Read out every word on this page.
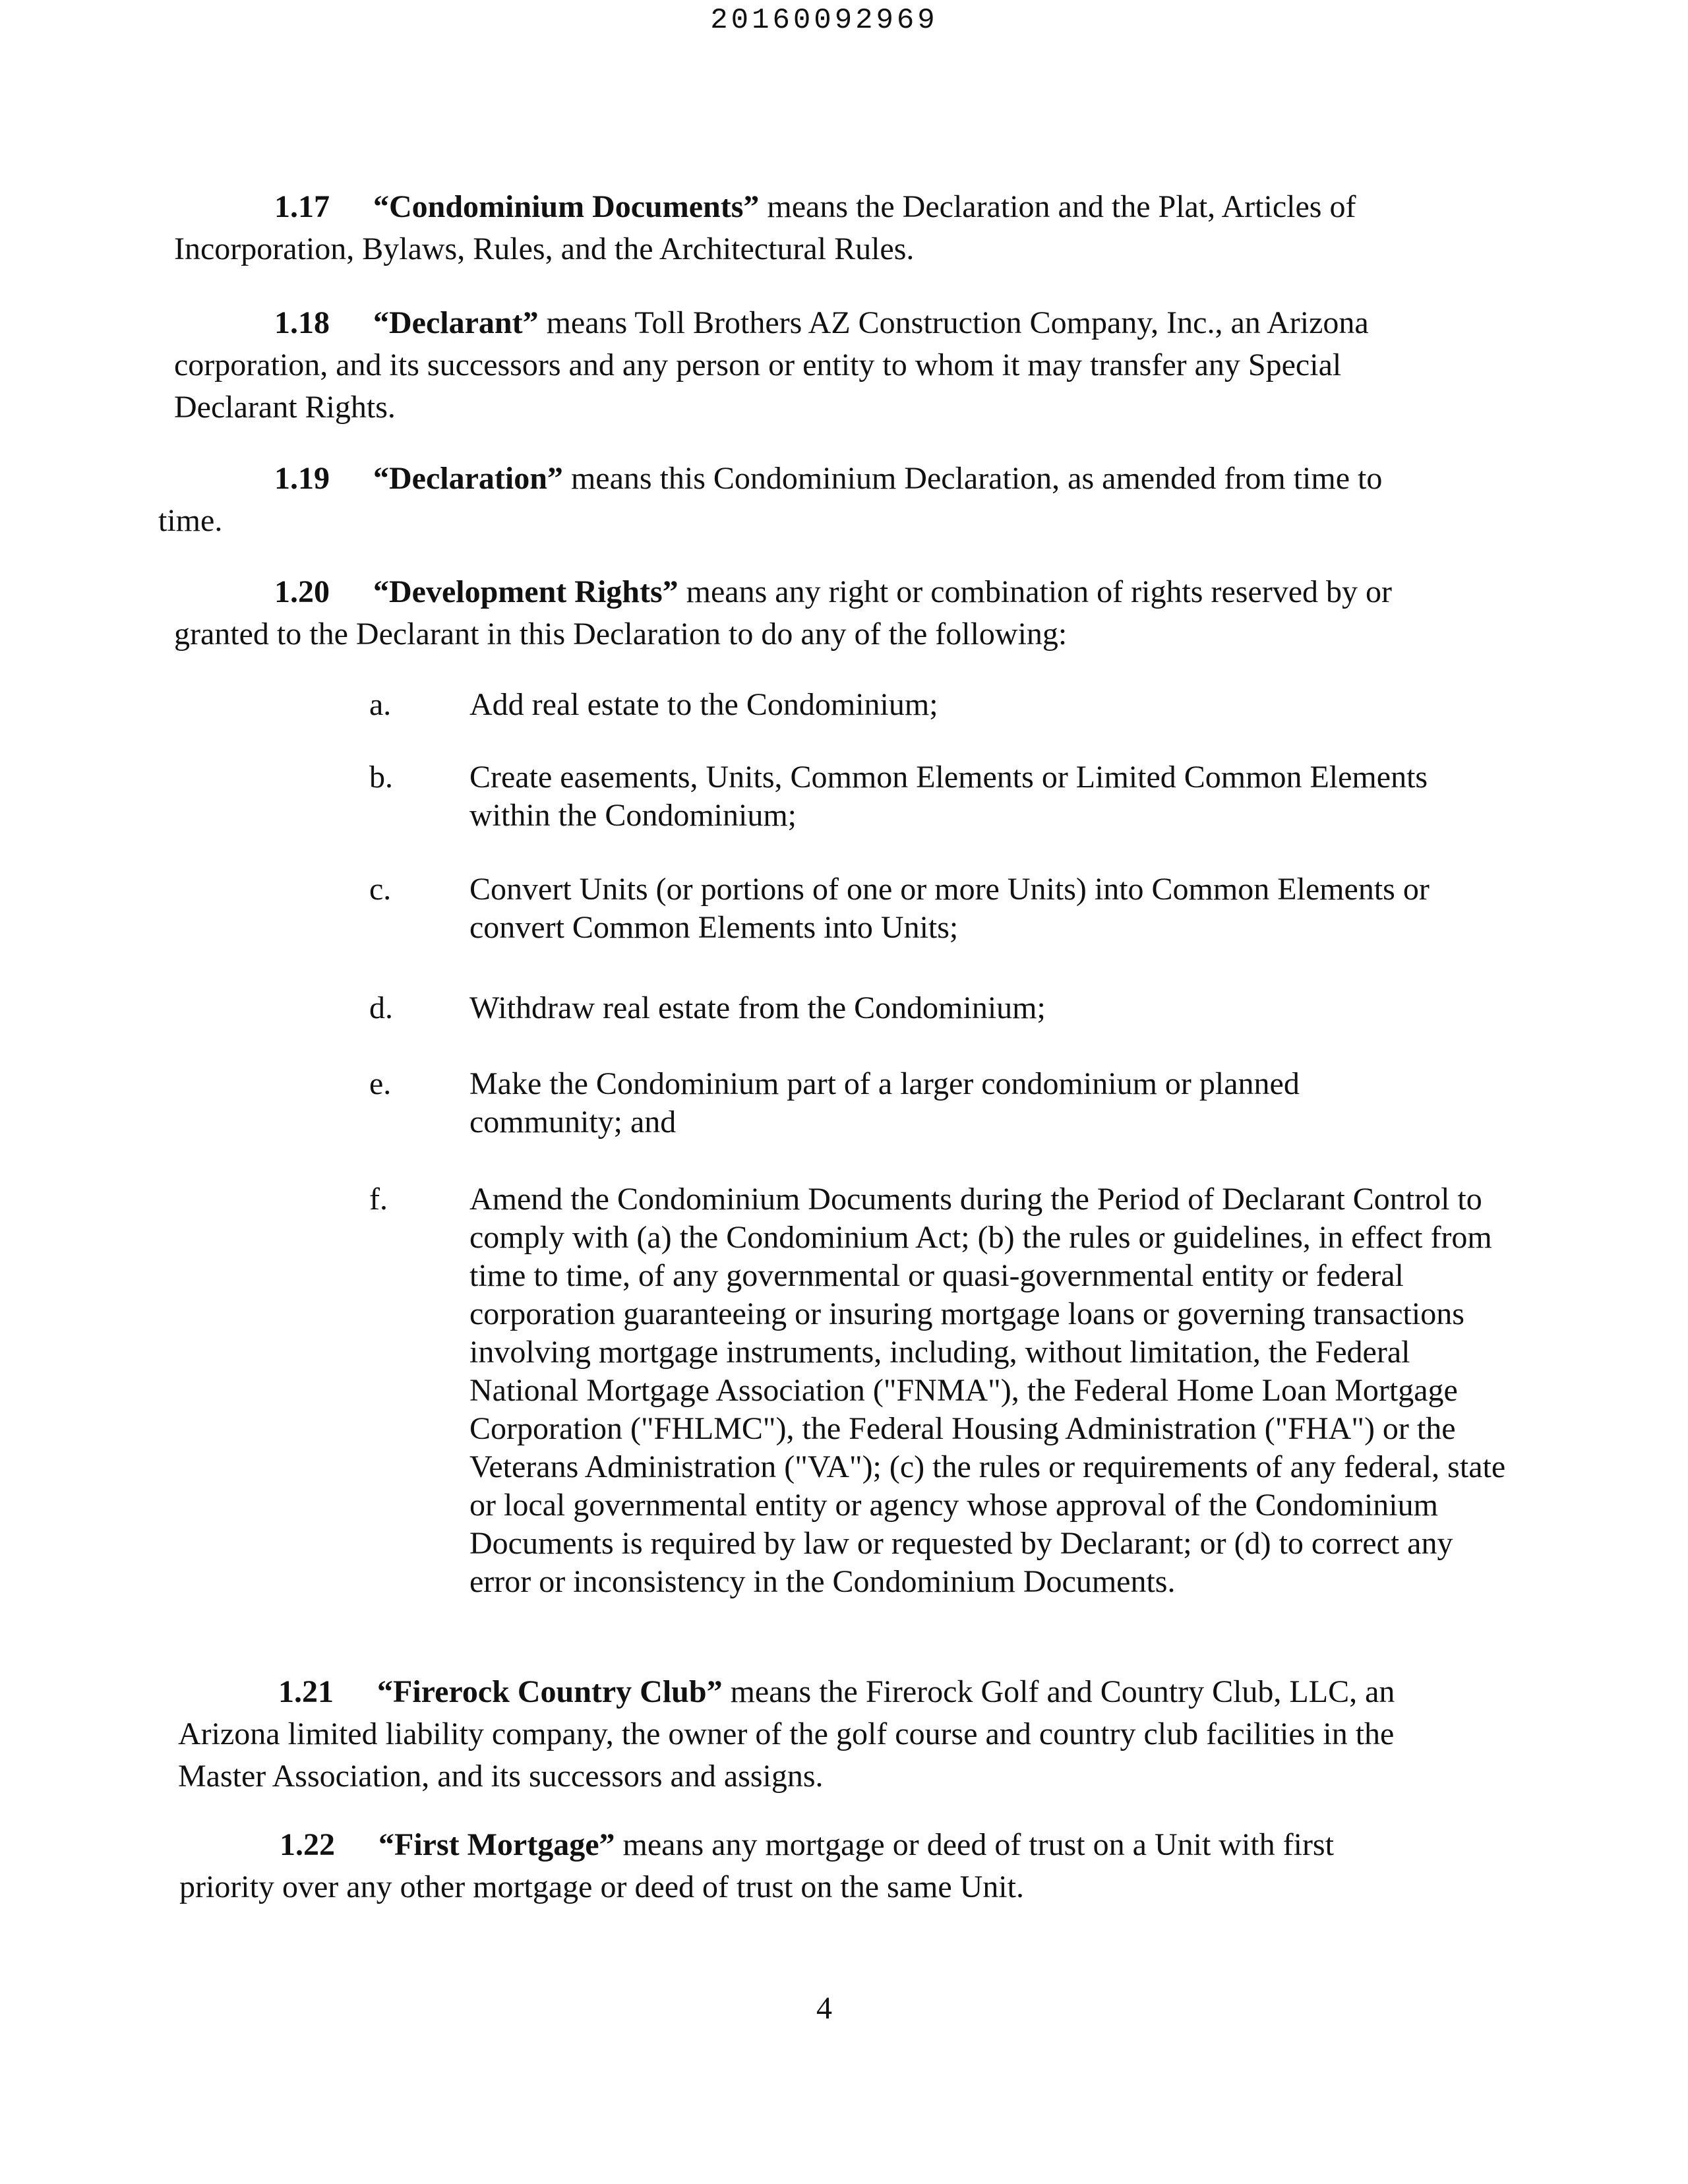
20160092969

1.17 “Condominium Documents” means the Declaration and the Plat, Articles of Incorporation, Bylaws, Rules, and the Architectural Rules.

1.18 “Declarant” means Toll Brothers AZ Construction Company, Inc., an Arizona corporation, and its successors and any person or entity to whom it may transfer any Special Declarant Rights.

1.19 “Declaration” means this Condominium Declaration, as amended from time to time.

1.20 “Development Rights” means any right or combination of rights reserved by or granted to the Declarant in this Declaration to do any of the following:

a. Add real estate to the Condominium;
b. Create easements, Units, Common Elements or Limited Common Elements within the Condominium;
c. Convert Units (or portions of one or more Units) into Common Elements or convert Common Elements into Units;
d. Withdraw real estate from the Condominium;
e. Make the Condominium part of a larger condominium or planned community; and
f.	Amend the Condominium Documents during the Period of Declarant Control to comply with (a) the Condominium Act; (b) the rules or guidelines, in effect from time to time, of any governmental or quasi-governmental entity or federal corporation guaranteeing or insuring mortgage loans or governing transactions involving mortgage instruments, including, without limitation, the Federal National Mortgage Association ("FNMA"), the Federal Home Loan Mortgage Corporation ("FHLMC"), the Federal Housing Administration ("FHA") or the Veterans Administration ("VA"); (c) the rules or requirements of any federal, state or local governmental entity or agency whose approval of the Condominium Documents is required by law or requested by Declarant; or (d) to correct any error or inconsistency in the Condominium Documents.

1.21 “Firerock Country Club” means the Firerock Golf and Country Club, LLC, an Arizona limited liability company, the owner of the golf course and country club facilities in the Master Association, and its successors and assigns.

1.22 “First Mortgage” means any mortgage or deed of trust on a Unit with first priority over any other mortgage or deed of trust on the same Unit.

4
